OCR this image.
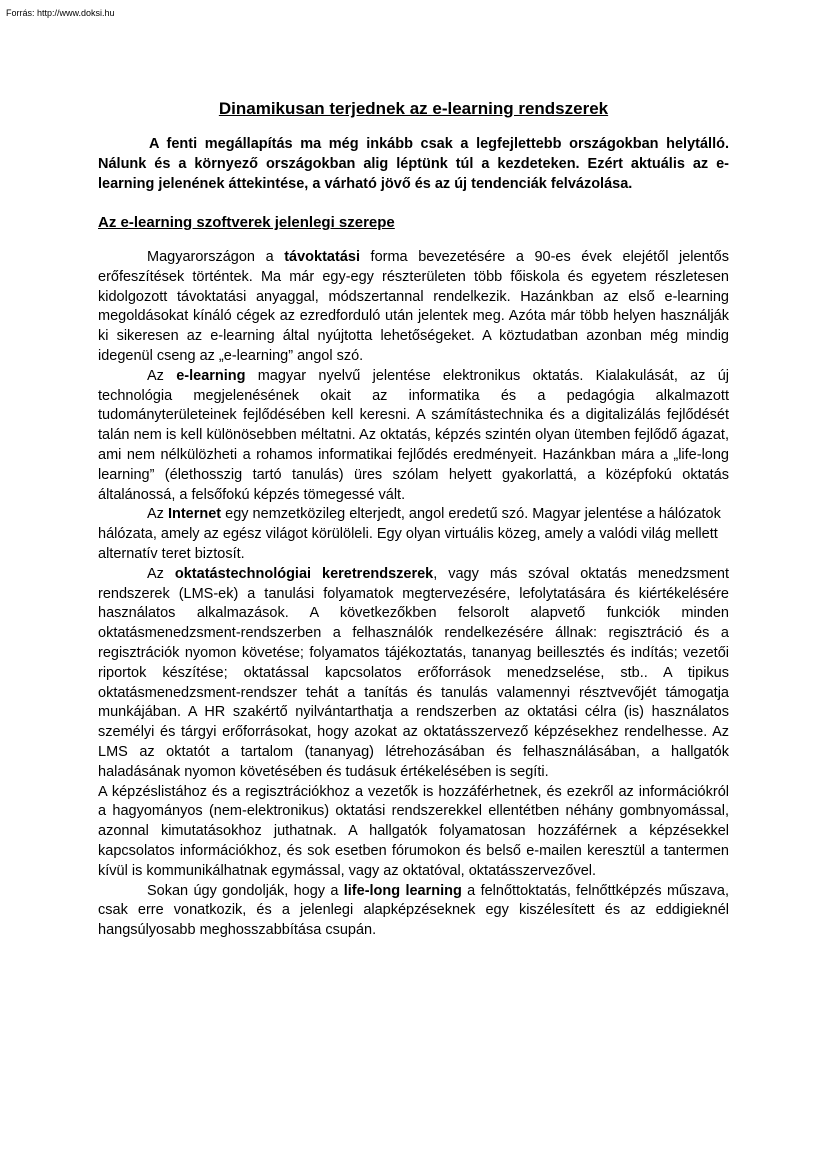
Forrás: http://www.doksi.hu
Dinamikusan terjednek az e-learning rendszerek

A fenti megállapítás ma még inkább csak a legfejlettebb országokban helytálló. Nálunk és a környező országokban alig léptünk túl a kezdeteken. Ezért aktuális az e-learning jelenének áttekintése, a várható jövő és az új tendenciák felvázolása.

Az e-learning szoftverek jelenlegi szerepe

Magyarországon a távoktatási forma bevezetésére a 90-es évek elejétől jelentős erőfeszítések történtek. Ma már egy-egy részterületen több főiskola és egyetem részletesen kidolgozott távoktatási anyaggal, módszertannal rendelkezik. Hazánkban az első e-learning megoldásokat kínáló cégek az ezredforduló után jelentek meg. Azóta már több helyen használják ki sikeresen az e-learning által nyújtotta lehetőségeket. A köztudatban azonban még mindig idegenül cseng az „e-learning” angol szó.

Az e-learning magyar nyelvű jelentése elektronikus oktatás. Kialakulását, az új technológia megjelenésének okait az informatika és a pedagógia alkalmazott tudományterületeinek fejlődésében kell keresni. A számítástechnika és a digitalizálás fejlődését talán nem is kell különösebben méltatni. Az oktatás, képzés szintén olyan ütemben fejlődő ágazat, ami nem nélkülözheti a rohamos informatikai fejlődés eredményeit. Hazánkban mára a „life-long learning” (élethosszig tartó tanulás) üres szólam helyett gyakorlattá, a középfokú oktatás általánossá, a felsőfokú képzés tömegessé vált.

Az Internet egy nemzetközileg elterjedt, angol eredetű szó. Magyar jelentése a hálózatok hálózata, amely az egész világot körülöleli. Egy olyan virtuális közeg, amely a valódi világ mellett alternatív teret biztosít.

Az oktatástechnológiai keretrendszerek, vagy más szóval oktatás menedzsment rendszerek (LMS-ek) a tanulási folyamatok megtervezésére, lefolytatására és kiértékelésére használatos alkalmazások. A következőkben felsorolt alapvető funkciók minden oktatásmenedzsment-rendszerben a felhasználók rendelkezésére állnak: regisztráció és a regisztrációk nyomon követése; folyamatos tájékoztatás, tananyag beillesztés és indítás; vezetői riportok készítése; oktatással kapcsolatos erőforrások menedzselése, stb.. A tipikus oktatásmenedzsment-rendszer tehát a tanítás és tanulás valamennyi résztvevőjét támogatja munkájában. A HR szakértő nyilvántarthatja a rendszerben az oktatási célra (is) használatos személyi és tárgyi erőforrásokat, hogy azokat az oktatásszervező képzésekhez rendelhesse. Az LMS az oktatót a tartalom (tananyag) létrehozásában és felhasználásában, a hallgatók haladásának nyomon követésében és tudásuk értékelésében is segíti.

A képzéslistához és a regisztrációkhoz a vezetők is hozzáférhetnek, és ezekről az információkról a hagyományos (nem-elektronikus) oktatási rendszerekkel ellentétben néhány gombnyomással, azonnal kimutatásokhoz juthatnak. A hallgatók folyamatosan hozzáférnek a képzésekkel kapcsolatos információkhoz, és sok esetben fórumokon és belső e-mailen keresztül a tantermen kívül is kommunikálhatnak egymással, vagy az oktatóval, oktatásszervezővel.

Sokan úgy gondolják, hogy a life-long learning a felnőttoktatás, felnőttképzés műszava, csak erre vonatkozik, és a jelenlegi alapképzéseknek egy kiszélesített és az eddigieknél hangsúlyosabb meghosszabbítása csupán.
